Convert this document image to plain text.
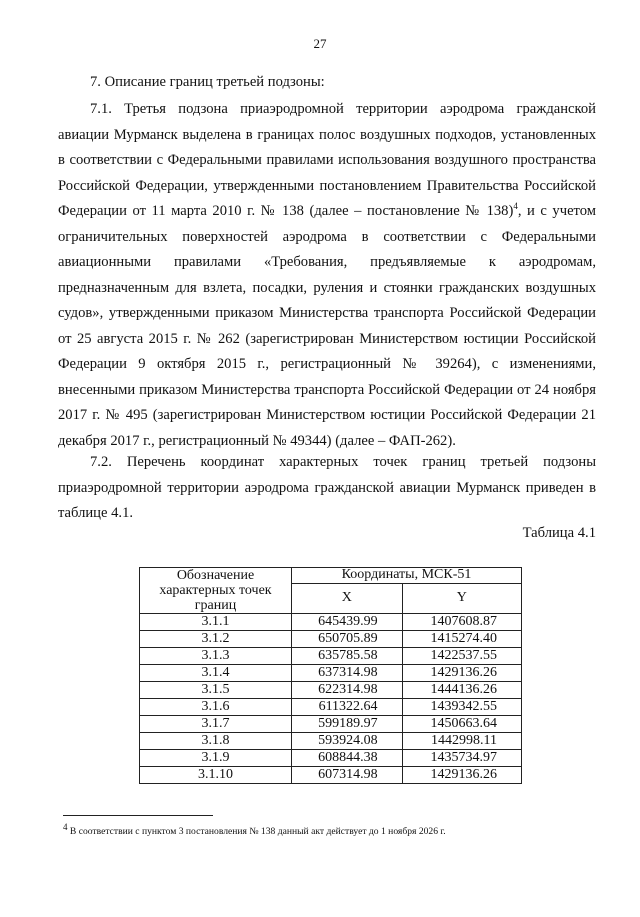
27

7. Описание границ третьей подзоны:

7.1. Третья подзона приаэродромной территории аэродрома гражданской авиации Мурманск выделена в границах полос воздушных подходов, установленных в соответствии с Федеральными правилами использования воздушного пространства Российской Федерации, утвержденными постановлением Правительства Российской Федерации от 11 марта 2010 г. № 138 (далее – постановление № 138)$^4$, и с учетом ограничительных поверхностей аэродрома в соответствии с Федеральными авиационными правилами «Требования, предъявляемые к аэродромам, предназначенным для взлета, посадки, руления и стоянки гражданских воздушных судов», утвержденными приказом Министерства транспорта Российской Федерации от 25 августа 2015 г. № 262 (зарегистрирован Министерством юстиции Российской Федерации 9 октября 2015 г., регистрационный № 39264), с изменениями, внесенными приказом Министерства транспорта Российской Федерации от 24 ноября 2017 г. № 495 (зарегистрирован Министерством юстиции Российской Федерации 21 декабря 2017 г., регистрационный № 49344) (далее – ФАП-262).

7.2. Перечень координат характерных точек границ третьей подзоны приаэродромной территории аэродрома гражданской авиации Мурманск приведен в таблице 4.1.

Таблица 4.1
Обозначение характерных точек границ	Координаты, МСК-51	
	X	Y
3.1.1	645439.99	1407608.87
3.1.2	650705.89	1415274.40
3.1.3	635785.58	1422537.55
3.1.4	637314.98	1429136.26
3.1.5	622314.98	1444136.26
3.1.6	611322.64	1439342.55
3.1.7	599189.97	1450663.64
3.1.8	593924.08	1442998.11
3.1.9	608844.38	1435734.97
3.1.10	607314.98	1429136.26
$^4$ В соответствии с пунктом 3 постановления № 138 данный акт действует до 1 ноября 2026 г.
